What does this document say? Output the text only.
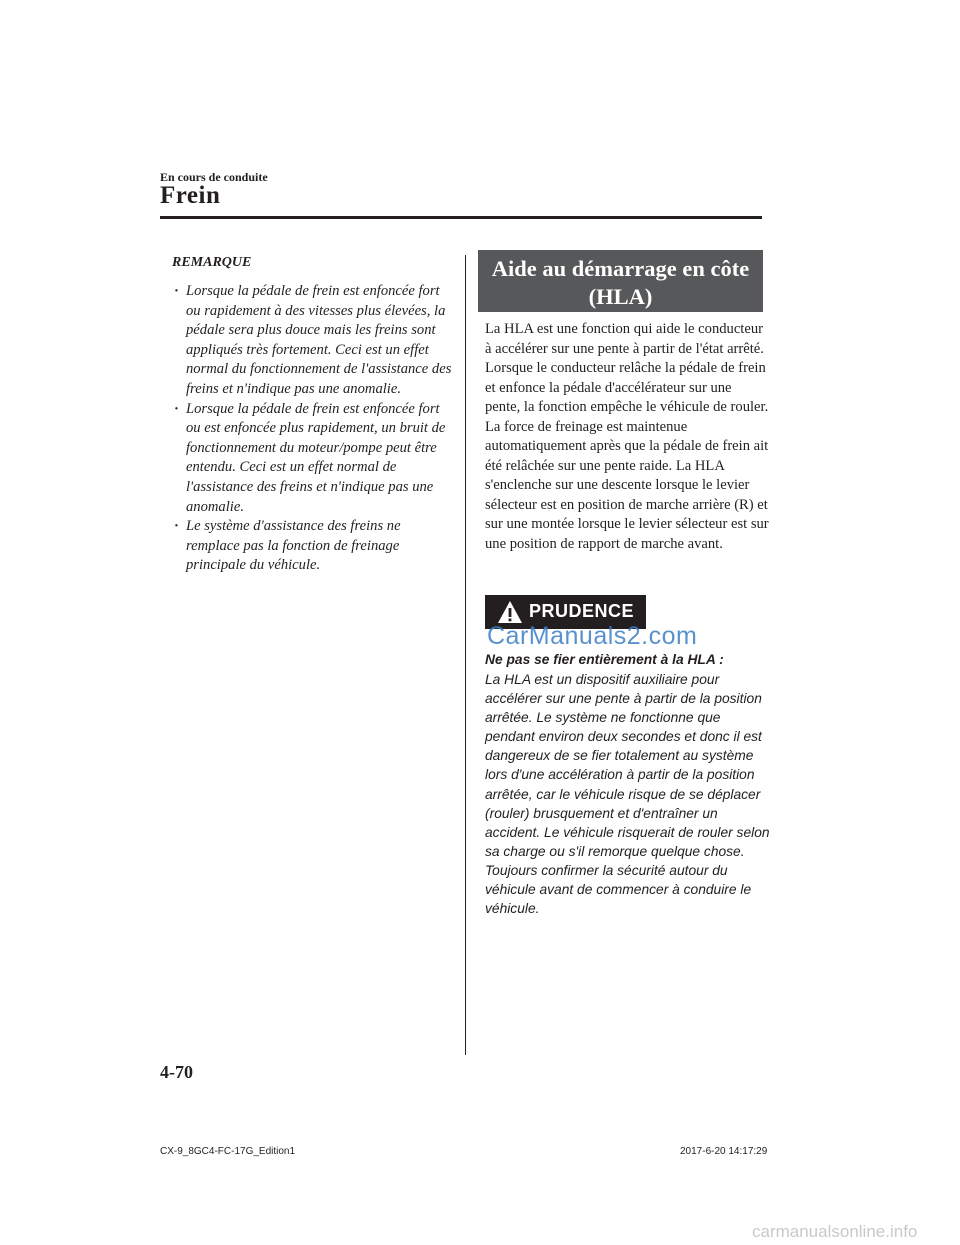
En cours de conduite
Frein
REMARQUE
· Lorsque la pédale de frein est enfoncée fort ou rapidement à des vitesses plus élevées, la pédale sera plus douce mais les freins sont appliqués très fortement. Ceci est un effet normal du fonctionnement de l'assistance des freins et n'indique pas une anomalie.
· Lorsque la pédale de frein est enfoncée fort ou est enfoncée plus rapidement, un bruit de fonctionnement du moteur/pompe peut être entendu. Ceci est un effet normal de l'assistance des freins et n'indique pas une anomalie.
· Le système d'assistance des freins ne remplace pas la fonction de freinage principale du véhicule.
Aide au démarrage en côte
(HLA)

La HLA est une fonction qui aide le conducteur à accélérer sur une pente à partir de l'état arrêté. Lorsque le conducteur relâche la pédale de frein et enfonce la pédale d'accélérateur sur une pente, la fonction empêche le véhicule de rouler. La force de freinage est maintenue automatiquement après que la pédale de frein ait été relâchée sur une pente raide. La HLA s'enclenche sur une descente lorsque le levier sélecteur est en position de marche arrière (R) et sur une montée lorsque le levier sélecteur est sur une position de rapport de marche avant.

PRUDENCE
CarManuals2.com
Ne pas se fier entièrement à la HLA :

La HLA est un dispositif auxiliaire pour accélérer sur une pente à partir de la position arrêtée. Le système ne fonctionne que pendant environ deux secondes et donc il est dangereux de se fier totalement au système lors d'une accélération à partir de la position arrêtée, car le véhicule risque de se déplacer (rouler) brusquement et d'entraîner un accident. Le véhicule risquerait de rouler selon sa charge ou s'il remorque quelque chose. Toujours confirmer la sécurité autour du véhicule avant de commencer à conduire le véhicule.

4-70
CX-9_8GC4-FC-17G_Edition1	2017-6-20 14:17:29
carmanualsonline.info
